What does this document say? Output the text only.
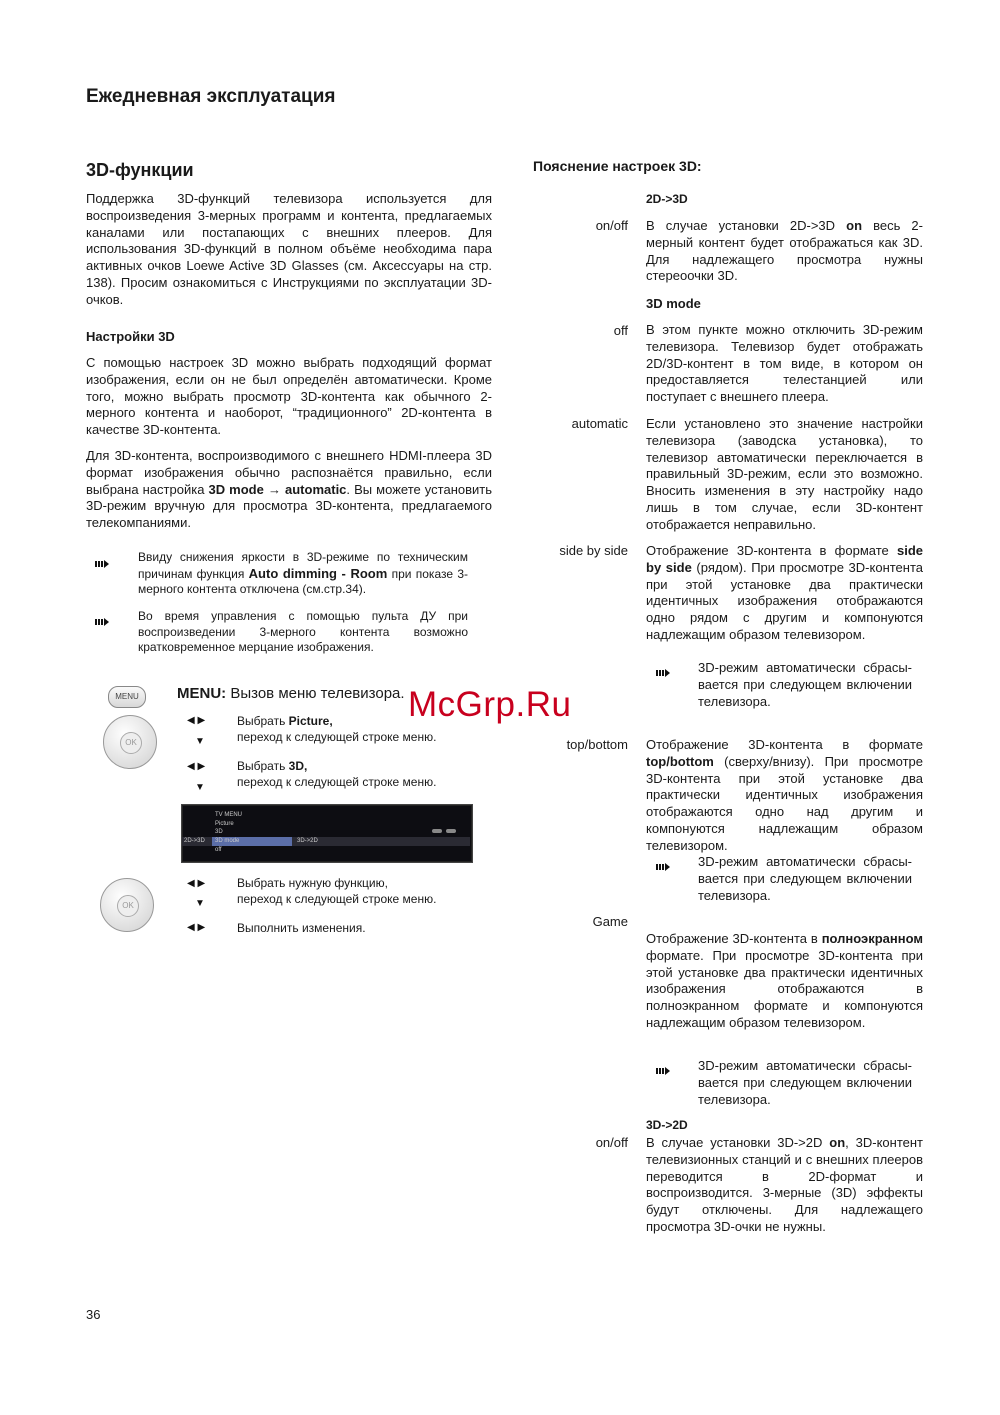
Ежедневная эксплуатация
3D-функции
Поддержка 3D-функций телевизора используется для воспроизведения 3-мерных программ и контента, предлагаемых каналами или постапающих с внешних плееров. Для использования 3D-функций в полном объёме необходима пара активных очков Loewe Active 3D Glasses (см. Аксессуары на стр. 138). Просим ознакомиться с Инструкциями по эксплуатации 3D-очков.
Настройки 3D
С помощью настроек 3D можно выбрать подходящий формат изображения, если он не был определён автоматически. Кроме того, можно выбрать просмотр 3D-контента как обычного 2-мерного контента и наоборот, “традиционного” 2D-контента в качестве 3D-контента.
Для 3D-контента, воспроизводимого с внешнего HDMI-плеера 3D формат изображения обычно распознаётся правильно, если выбрана настройка 3D mode → automatic. Вы можете установить 3D-режим вручную для просмотра 3D-контента, предлагаемого телекомпаниями.
Ввиду снижения яркости в 3D-режиме по техническим причинам функция Auto dimming - Room при показе 3-мерного контента отключена (см.стр.34).
Во время управления с помощью пульта ДУ при воспроизведении 3-мерного контента возможно кратковременное мерцание изображения.
MENU	MENU: Вызов меню телевизора.
OK
◀ ▶
▼
Выбрать Picture,
переход к следующей строке меню.
◀ ▶
▼
Выбрать 3D,
переход к следующей строке меню.
TV MENU
Picture
3D
2D->3D 3D mode	3D->2D
off
OK
◀ ▶
▼
Выбрать нужную функцию,
переход к следующей строке меню.
◀ ▶	Выполнить изменения.
Пояснение настроек 3D:
2D->3D
on/off В случае установки 2D->3D on весь 2-мерный контент будет отображаться как 3D. Для надлежащего просмотра нужны стереоочки 3D.
3D mode
off В этом пункте можно отключить 3D-режим телевизора. Телевизор будет отображать 2D/3D-контент в том виде, в котором он предоставляется телестанцией или поступает с внешнего плеера.
automatic Если установлено это значение настройки телевизора (заводска установка), то телевизор автоматически переключается в правильный 3D-режим, если это возможно. Вносить изменения в эту настройку надо лишь в том случае, если 3D-контент отображается неправильно.
side by side Отображение 3D-контента в формате side by side (рядом). При просмотре 3D-контента при этой установке два практически идентичных изображения отображаются одно рядом с другим и компонуются надлежащим образом телевизором.
3D-режим автоматически сбрасы-вается при следующем включении телевизора.
McGrp.Ru
top/bottom Отображение 3D-контента в формате top/bottom (сверху/внизу). При просмотре 3D-контента при этой установке два практически идентичных изображения отображаются одно над другим и компонуются надлежащим образом телевизором.
3D-режим автоматически сбрасы-вается при следующем включении телевизора.
Game
Отображение 3D-контента в полноэкранном формате. При просмотре 3D-контента при этой установке два практически идентичных изображения отображаются в полноэкранном формате и компонуются надлежащим образом телевизором.
3D-режим автоматически сбрасы-вается при следующем включении телевизора.
3D->2D
on/off В случае установки 3D->2D on, 3D-контент телевизионных станций и с внешних плееров переводится в 2D-формат и воспроизводится. 3-мерные (3D) эффекты будут отключены. Для надлежащего просмотра 3D-очки не нужны.
36
